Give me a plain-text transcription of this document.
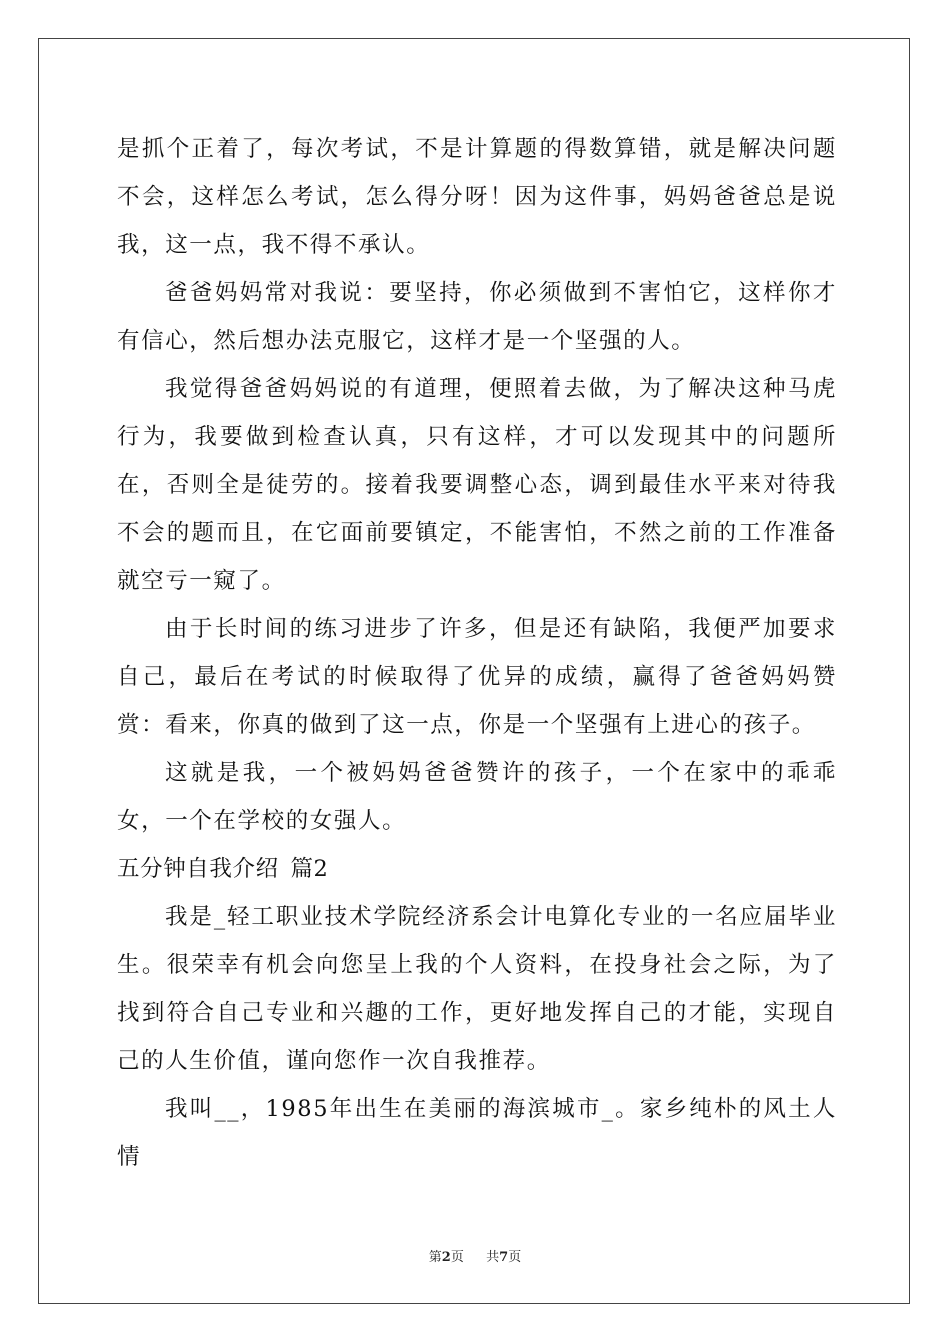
是抓个正着了，每次考试，不是计算题的得数算错，就是解决问题不会，这样怎么考试，怎么得分呀！因为这件事，妈妈爸爸总是说我，这一点，我不得不承认。

爸爸妈妈常对我说：要坚持，你必须做到不害怕它，这样你才有信心，然后想办法克服它，这样才是一个坚强的人。

我觉得爸爸妈妈说的有道理，便照着去做，为了解决这种马虎行为，我要做到检查认真，只有这样，才可以发现其中的问题所在，否则全是徒劳的。接着我要调整心态，调到最佳水平来对待我不会的题而且，在它面前要镇定，不能害怕，不然之前的工作准备就空亏一窥了。

由于长时间的练习进步了许多，但是还有缺陷，我便严加要求自己，最后在考试的时候取得了优异的成绩，赢得了爸爸妈妈赞赏：看来，你真的做到了这一点，你是一个坚强有上进心的孩子。

这就是我，一个被妈妈爸爸赞许的孩子，一个在家中的乖乖女，一个在学校的女强人。

五分钟自我介绍 篇2

我是_轻工职业技术学院经济系会计电算化专业的一名应届毕业生。很荣幸有机会向您呈上我的个人资料，在投身社会之际，为了找到符合自己专业和兴趣的工作，更好地发挥自己的才能，实现自己的人生价值，谨向您作一次自我推荐。

我叫__，1985年出生在美丽的海滨城市_。家乡纯朴的风土人情

第2页 共7页
